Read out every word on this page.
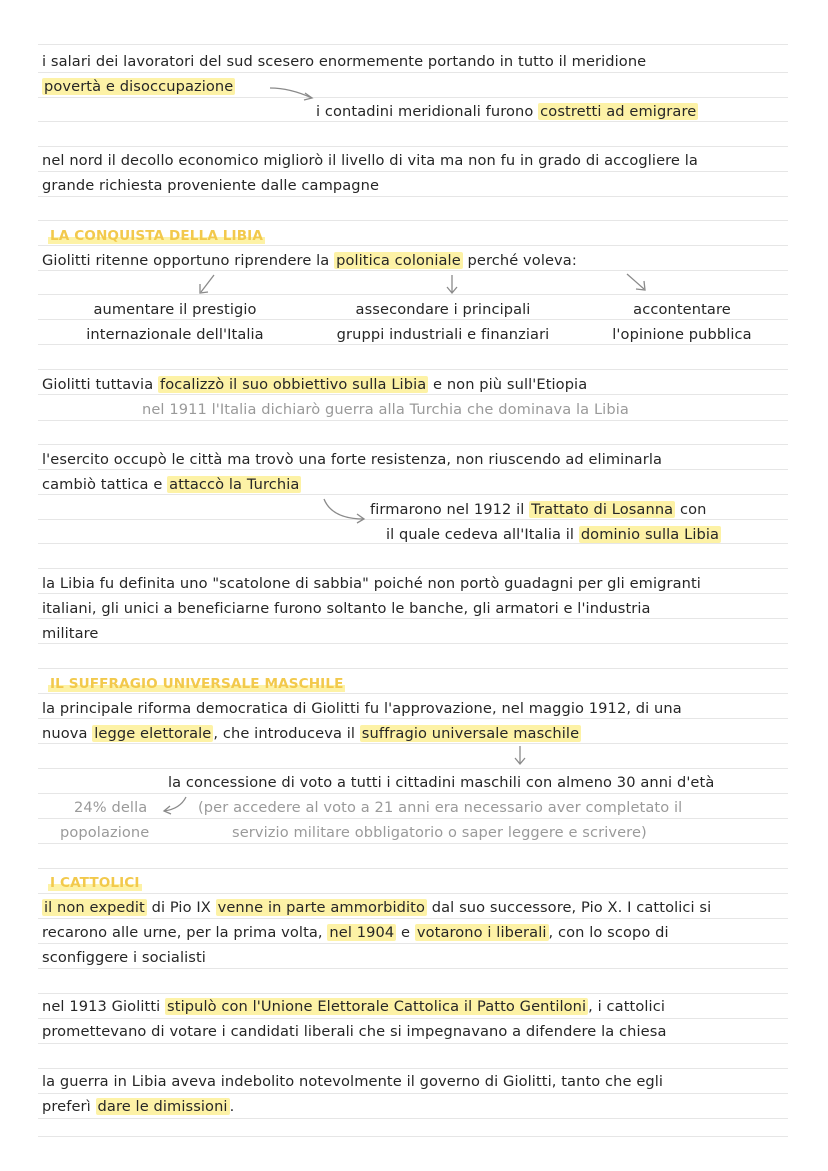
i salari dei lavoratori del sud scesero enormemente portando in tutto il meridione
povertà e disoccupazione
i contadini meridionali furono costretti ad emigrare
nel nord il decollo economico migliorò il livello di vita ma non fu in grado di accogliere la
grande richiesta proveniente dalle campagne
LA CONQUISTA DELLA LIBIA
Giolitti ritenne opportuno riprendere la politica coloniale perché voleva:
aumentare il prestigio
internazionale dell'Italia
assecondare i principali
gruppi industriali e finanziari
accontentare
l'opinione pubblica
Giolitti tuttavia focalizzò il suo obbiettivo sulla Libia e non più sull'Etiopia
nel 1911 l'Italia dichiarò guerra alla Turchia che dominava la Libia
l'esercito occupò le città ma trovò una forte resistenza, non riuscendo ad eliminarla
cambiò tattica e attaccò la Turchia
firmarono nel 1912 il Trattato di Losanna con
il quale cedeva all'Italia il dominio sulla Libia
la Libia fu definita uno "scatolone di sabbia" poiché non portò guadagni per gli emigranti
italiani, gli unici a beneficiarne furono soltanto le banche, gli armatori e l'industria
militare
IL SUFFRAGIO UNIVERSALE MASCHILE
la principale riforma democratica di Giolitti fu l'approvazione, nel maggio 1912, di una
nuova legge elettorale , che introduceva il suffragio universale maschile
la concessione di voto a tutti i cittadini maschili con almeno 30 anni d'età
(per accedere al voto a 21 anni era necessario aver completato il
servizio militare obbligatorio o saper leggere e scrivere)
24% della
popolazione
I CATTOLICI
il non expedit di Pio IX venne in parte ammorbidito dal suo successore, Pio X. I cattolici si
recarono alle urne, per la prima volta, nel 1904 e votarono i liberali , con lo scopo di
sconfiggere i socialisti
nel 1913 Giolitti stipulò con l'Unione Elettorale Cattolica il Patto Gentiloni , i cattolici
promettevano di votare i candidati liberali che si impegnavano a difendere la chiesa
la guerra in Libia aveva indebolito notevolmente il governo di Giolitti, tanto che egli
preferì dare le dimissioni .
